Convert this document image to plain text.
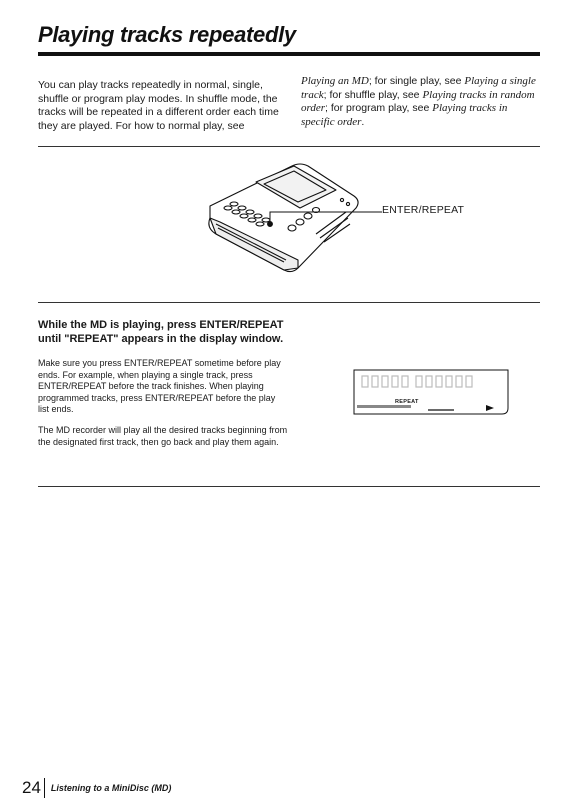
Playing tracks repeatedly

You can play tracks repeatedly in normal, single, shuffle or program play modes. In shuffle mode, the tracks will be repeated in a different order each time they are played. For how to normal play, see

Playing an MD; for single play, see Playing a single track; for shuffle play, see Playing tracks in random order; for program play, see Playing tracks in specific order.

ENTER/REPEAT

While the MD is playing, press ENTER/REPEAT until "REPEAT" appears in the display window.

Make sure you press ENTER/REPEAT sometime before play ends. For example, when playing a single track, press ENTER/REPEAT before the track finishes. When playing programmed tracks, press ENTER/REPEAT before the play list ends.

The MD recorder will play all the desired tracks beginning from the designated first track, then go back and play them again.

REPEAT
24 Listening to a MiniDisc (MD)
